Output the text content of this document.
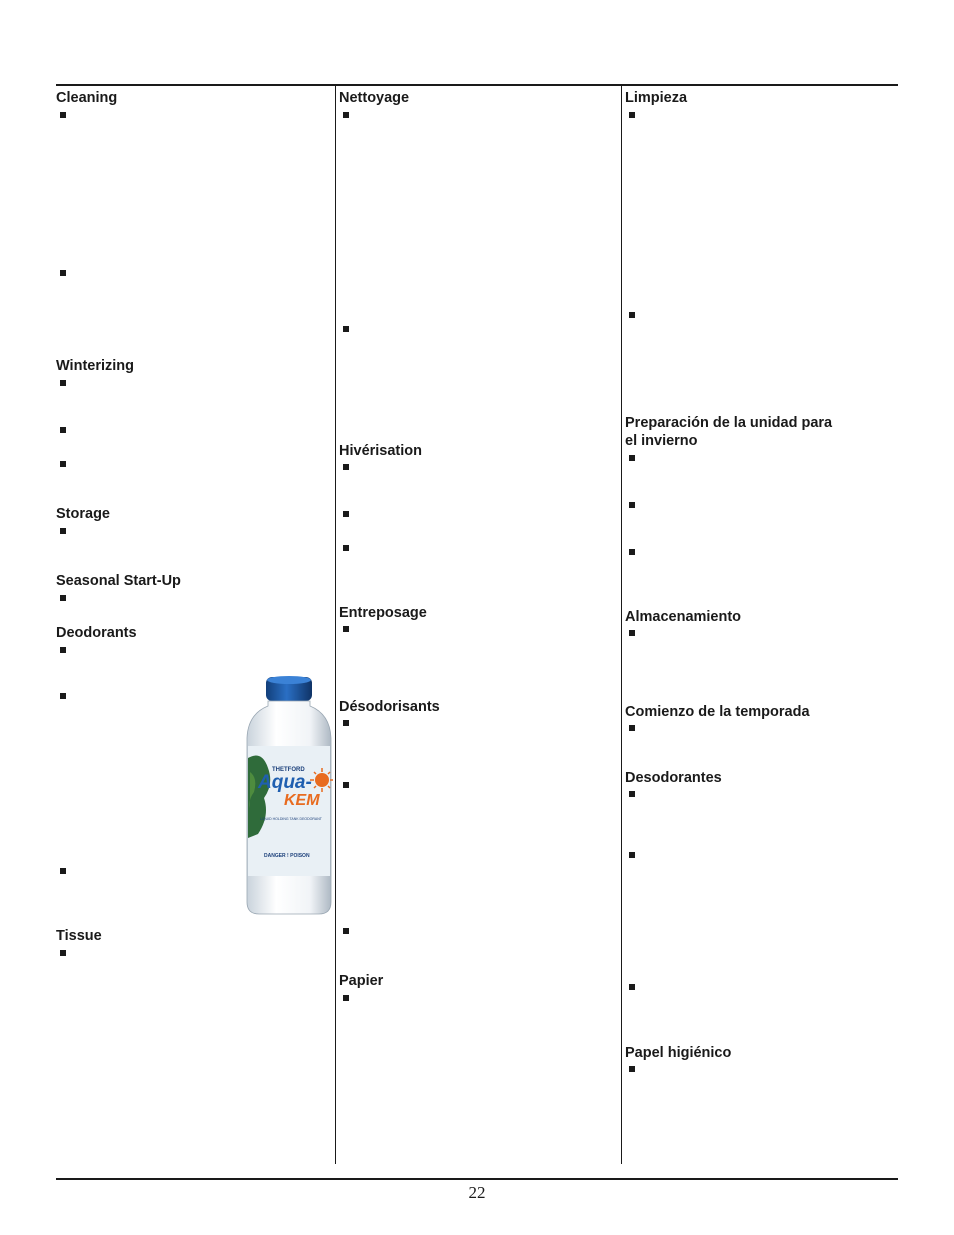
Cleaning
Winterizing
Storage
Seasonal Start-Up
Deodorants
Tissue
THETFORD
Aqua-
KEM
LIQUID HOLDING TANK DEODORANT
DANGER ! POISON
Nettoyage
Hivérisation
Entreposage
Désodorisants
Papier
Limpieza
Preparación de la unidad para
el invierno
Almacenamiento
Comienzo de la temporada
Desodorantes
Papel higiénico
22
